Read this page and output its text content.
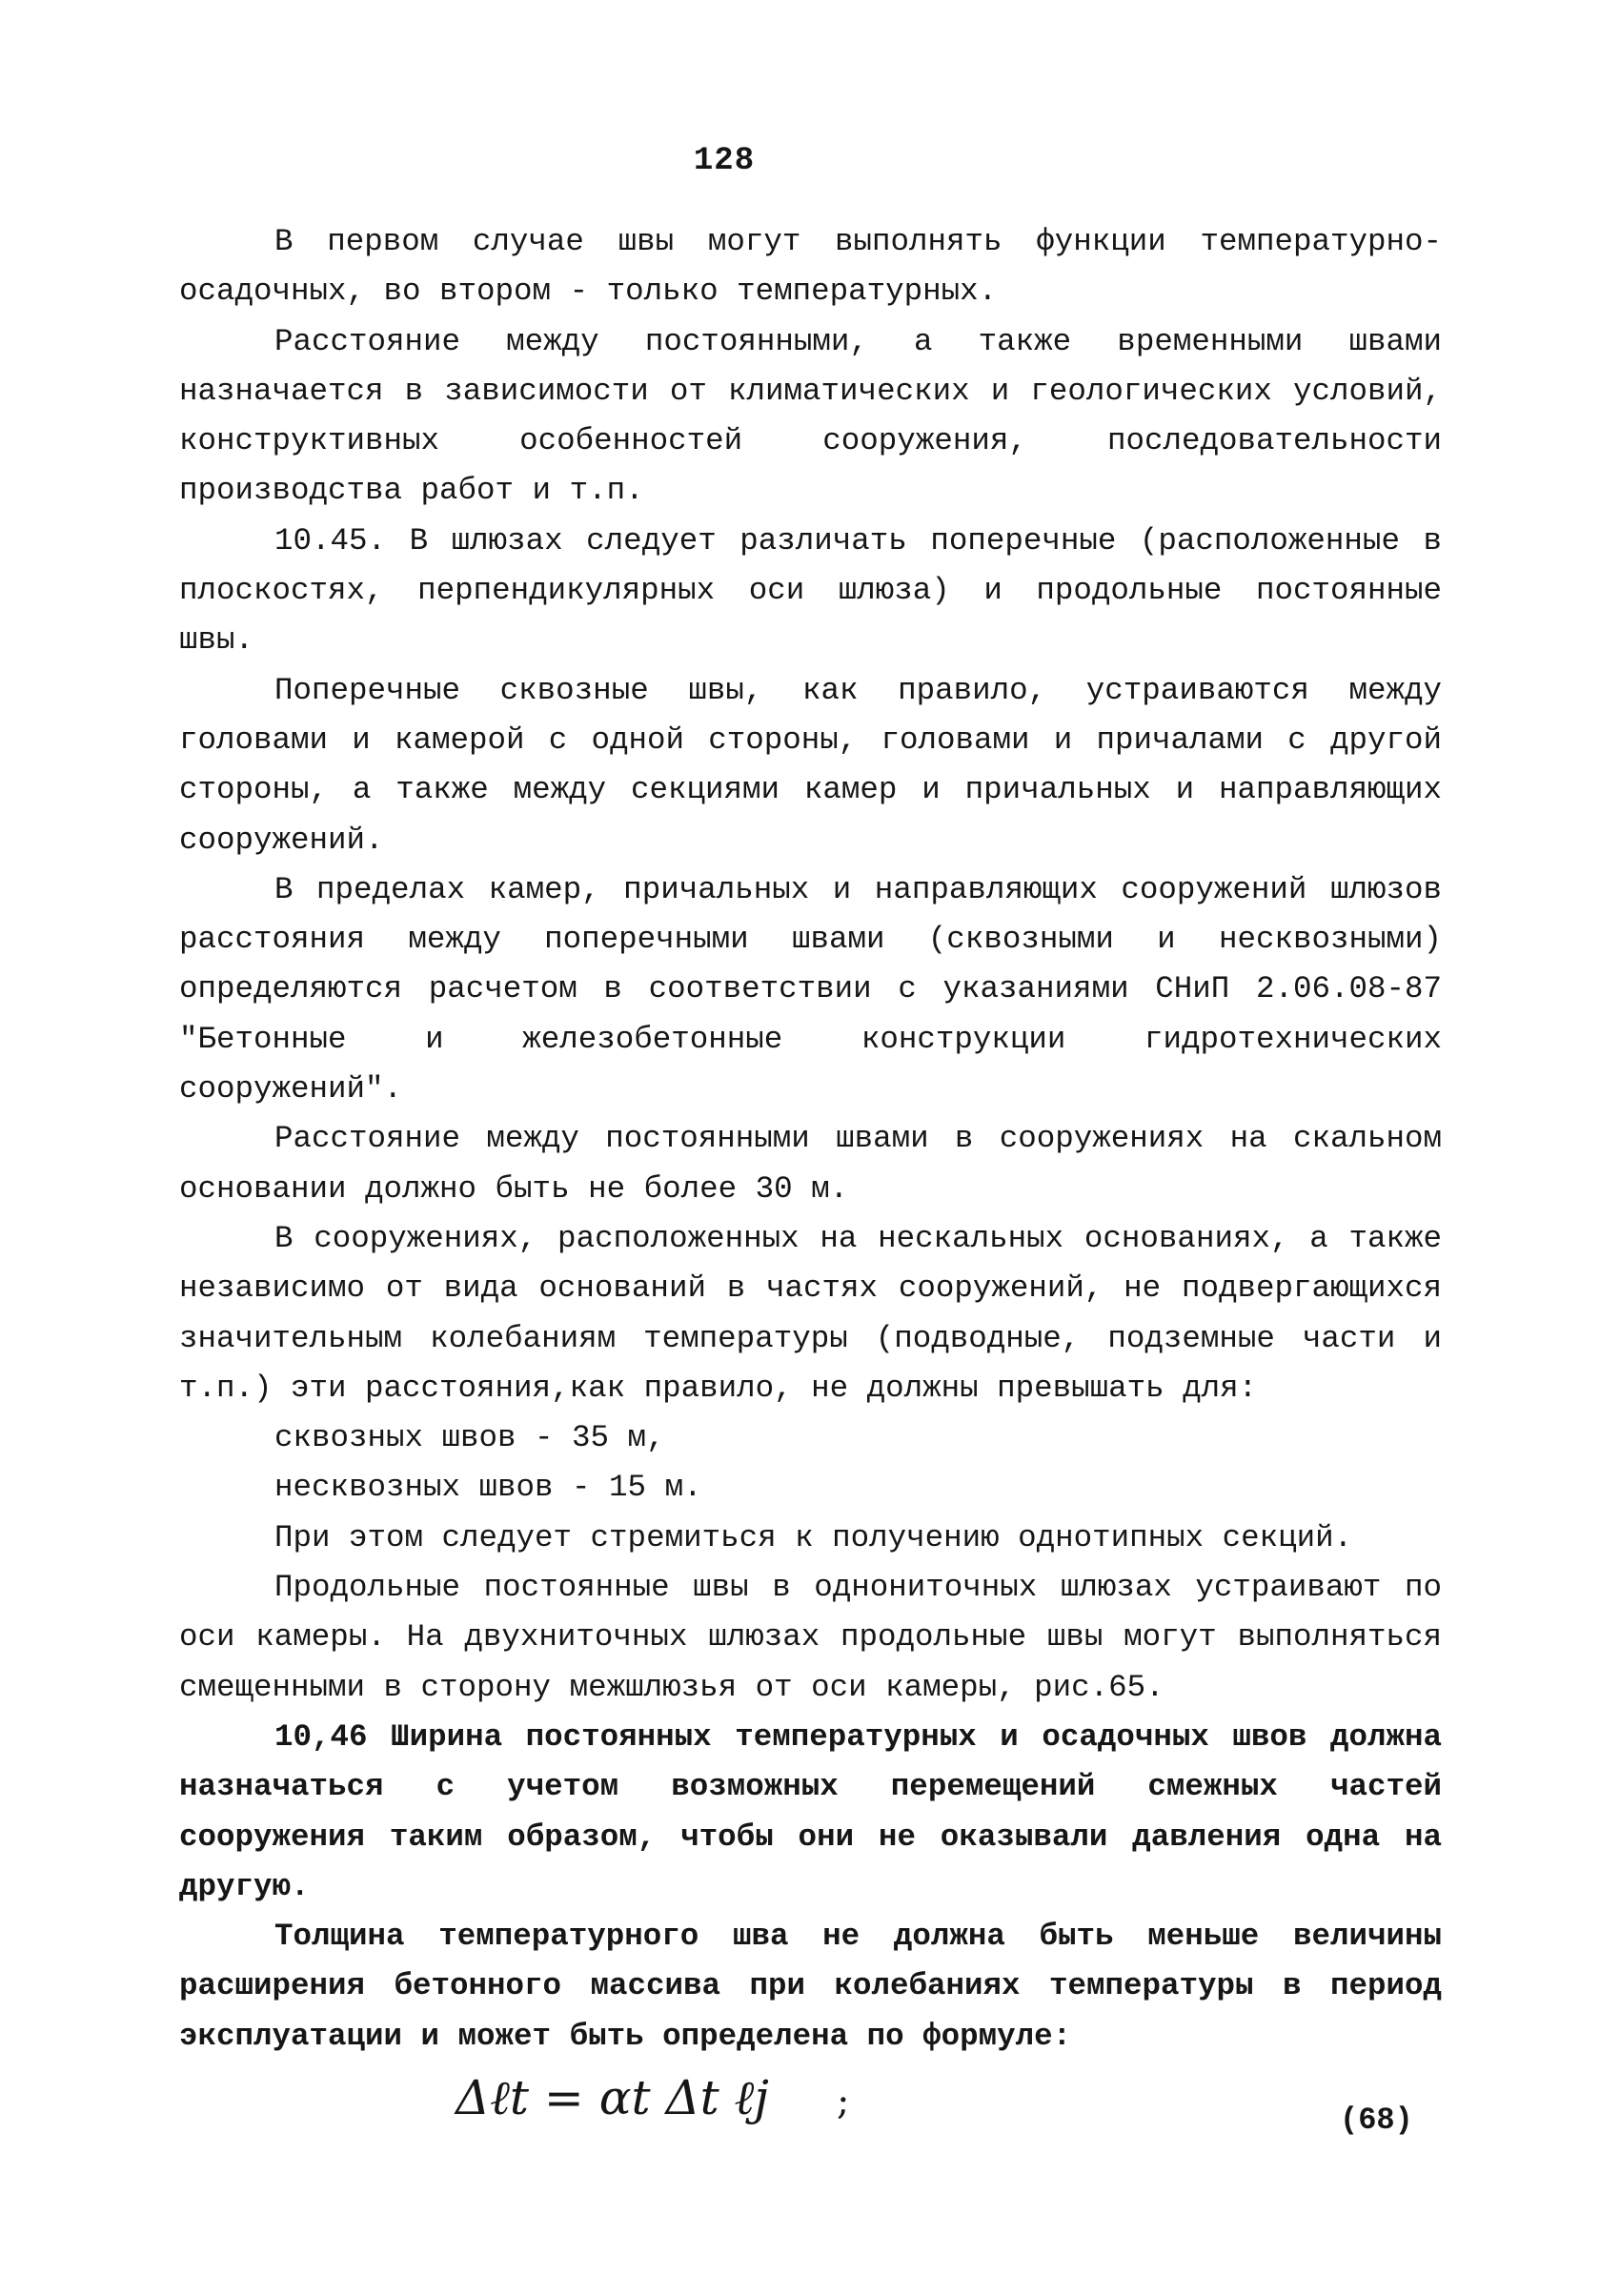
128

В первом случае швы могут выполнять функции температурно-осадочных, во втором - только температурных.

Расстояние между постоянными, а также временными швами назначается в зависимости от климатических и геологических условий, конструктивных особенностей сооружения, последовательности производства работ и т.п.

10.45. В шлюзах следует различать поперечные (расположенные в плоскостях, перпендикулярных оси шлюза) и продольные постоянные швы.

Поперечные сквозные швы, как правило, устраиваются между головами и камерой с одной стороны, головами и причалами с другой стороны, а также между секциями камер и причальных и направляющих сооружений.

В пределах камер, причальных и направляющих сооружений шлюзов расстояния между поперечными швами (сквозными и несквозными) определяются расчетом в соответствии с указаниями СНиП 2.06.08-87 "Бетонные и железобетонные конструкции гидротехнических сооружений".

Расстояние между постоянными швами в сооружениях на скальном основании должно быть не более 30 м.

В сооружениях, расположенных на нескальных основаниях, а также независимо от вида оснований в частях сооружений, не подвергающихся значительным колебаниям температуры (подводные, подземные части и т.п.) эти расстояния,как правило, не должны превышать для:

сквозных швов - 35 м,

несквозных швов - 15 м.

При этом следует стремиться к получению однотипных секций.

Продольные постоянные швы в однониточных шлюзах устраивают по оси камеры. На двухниточных шлюзах продольные швы могут выполняться смещенными в сторону межшлюзья от оси камеры, рис.65.

10,46 Ширина постоянных температурных и осадочных швов должна назначаться с учетом возможных перемещений смежных частей сооружения таким образом, чтобы они не оказывали давления одна на другую.

Толщина температурного шва не должна быть меньше величины расширения бетонного массива при колебаниях температуры в период эксплуатации и может быть определена по формуле:

Δℓt = αt Δt ℓj ;	(68)
